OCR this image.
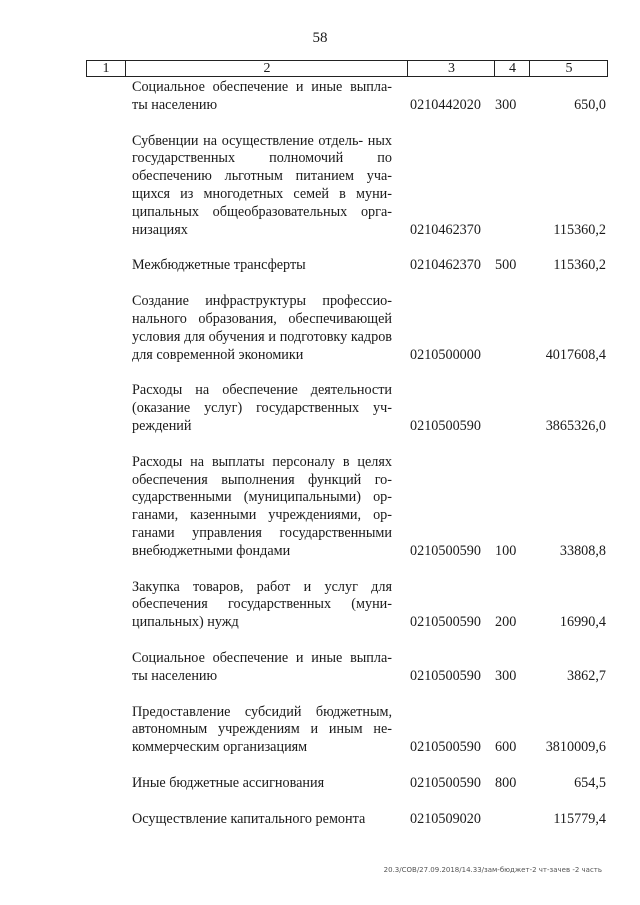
58
1	2	3	4	5
Социальное обеспечение и иные выпла- ты населению	0210442020 300	650,0
Субвенции на осуществление отдель- ных государственных полномочий по обеспечению льготным питанием уча- щихся из многодетных семей в муни- ципальных общеобразовательных орга- низациях	0210462370	115360,2
Межбюджетные трансферты	0210462370 500	115360,2
Создание инфраструктуры профессио- нального образования, обеспечивающей условия для обучения и подготовку кадров для современной экономики	0210500000	4017608,4
Расходы на обеспечение деятельности (оказание услуг) государственных уч- реждений	0210500590	3865326,0
Расходы на выплаты персоналу в целях обеспечения выполнения функций го- сударственными (муниципальными) ор- ганами, казенными учреждениями, ор- ганами управления государственными внебюджетными фондами	0210500590 100	33808,8
Закупка товаров, работ и услуг для обеспечения государственных (муни- ципальных) нужд	0210500590 200	16990,4
Социальное обеспечение и иные выпла- ты населению	0210500590 300	3862,7
Предоставление субсидий бюджетным, автономным учреждениям и иным не- коммерческим организациям	0210500590 600 3810009,6
Иные бюджетные ассигнования	0210500590 800	654,5
Осуществление капитального ремонта	0210509020	115779,4
20.3/СОВ/27.09.2018/14.33/зам-бюджет-2 чт-зачев -2 часть
